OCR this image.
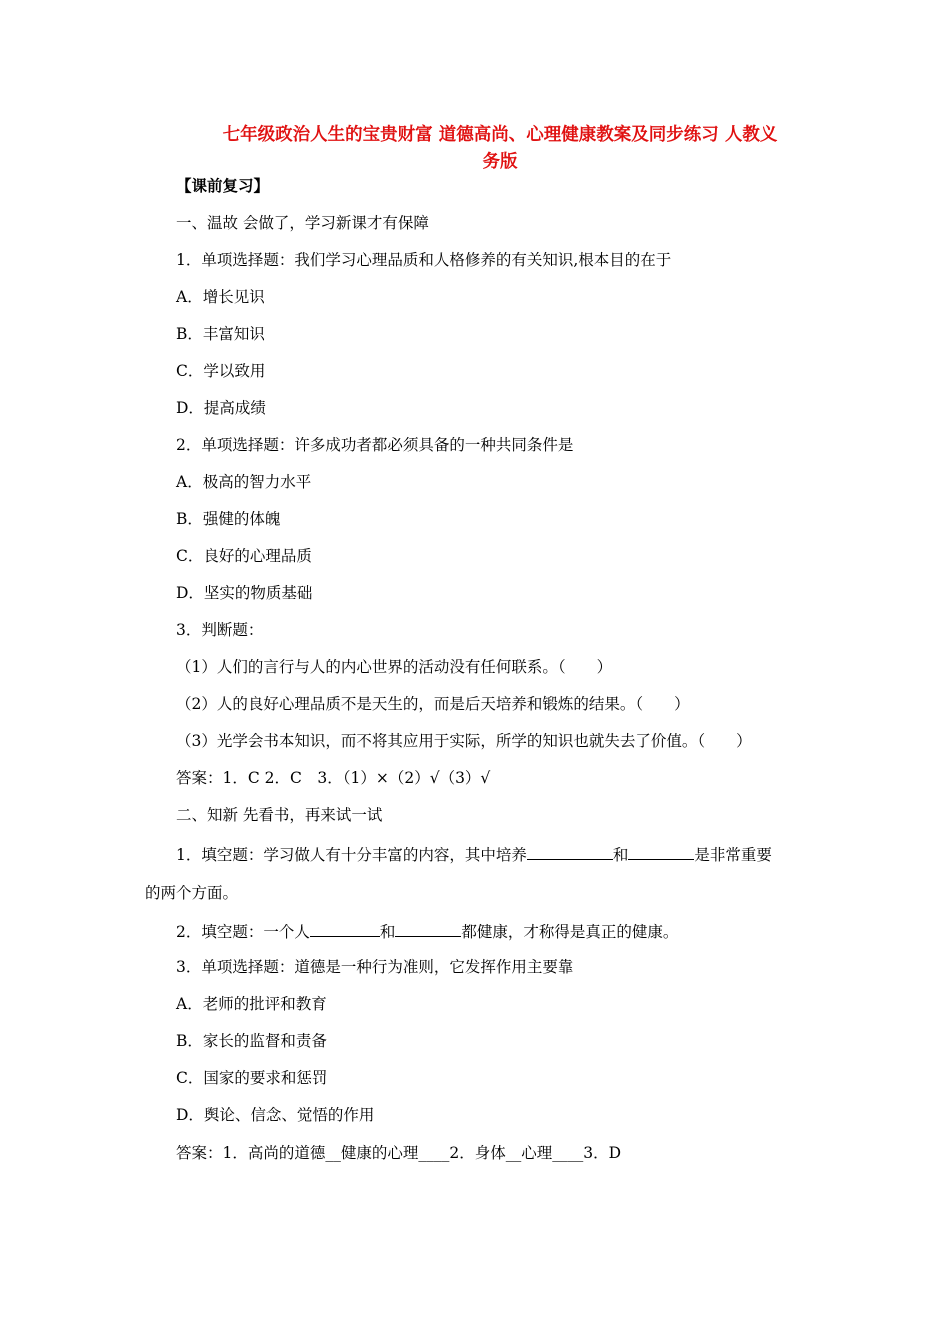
七年级政治人生的宝贵财富 道德高尚、心理健康教案及同步练习 人教义
务版
【课前复习】
一、温故 会做了，学习新课才有保障
1．单项选择题：我们学习心理品质和人格修养的有关知识,根本目的在于
A．增长见识
B．丰富知识
C．学以致用
D．提高成绩
2．单项选择题：许多成功者都必须具备的一种共同条件是
A．极高的智力水平
B．强健的体魄
C．良好的心理品质
D．坚实的物质基础
3．判断题：
（1）人们的言行与人的内心世界的活动没有任何联系。（　　）
（2）人的良好心理品质不是天生的，而是后天培养和锻炼的结果。（　　）
（3）光学会书本知识，而不将其应用于实际，所学的知识也就失去了价值。（　　）
答案：1．C 2．C　3．（1）×（2）√（3）√
二、知新 先看书，再来试一试
1．填空题：学习做人有十分丰富的内容，其中培养	和	是非常重要
的两个方面。
2．填空题：一个人	和	都健康，才称得是真正的健康。
3．单项选择题：道德是一种行为准则，它发挥作用主要靠
A．老师的批评和教育
B．家长的监督和责备
C．国家的要求和惩罚
D．舆论、信念、觉悟的作用
答案：1．高尚的道德__健康的心理____2．身体__心理____3．D
